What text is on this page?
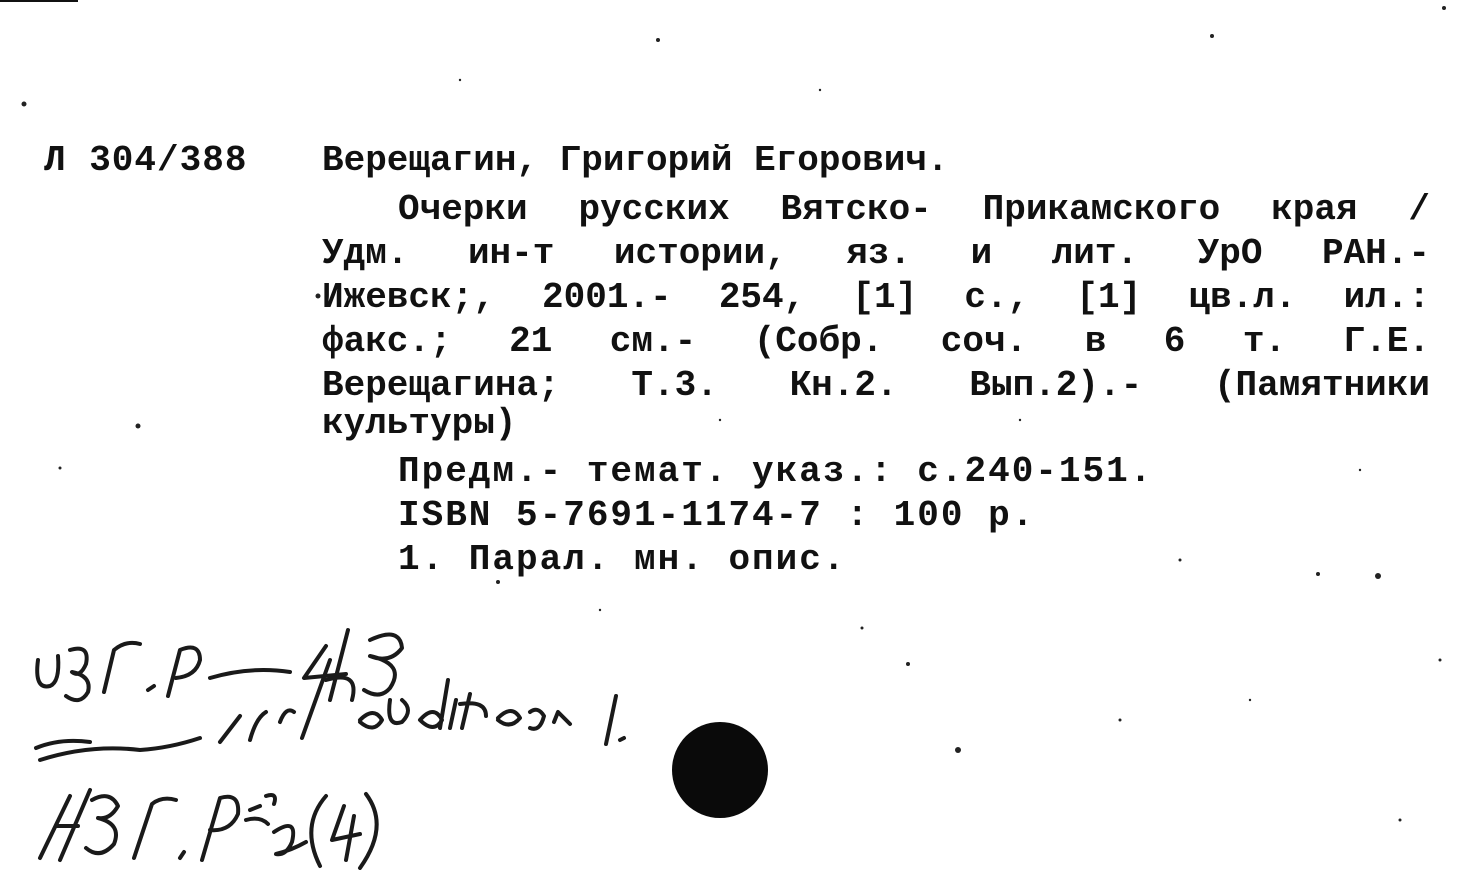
Л 304/388 Верещагин, Григорий Егорович.
Очерки русских Вятско- Прикамского края /
Удм. ин-т истории, яз. и лит. УрО РАН.-
Ижевск;, 2001.- 254, [1] с., [1] цв.л. ил.:
факс.; 21 см.- (Собр. соч. в 6 т. Г.Е.
Верещагина; Т.3. Кн.2. Вып.2).- (Памятники
культуры)
Предм.- темат. указ.: с.240-151.
ISBN 5-7691-1174-7 : 100 р.
1. Парал. мн. опис.
